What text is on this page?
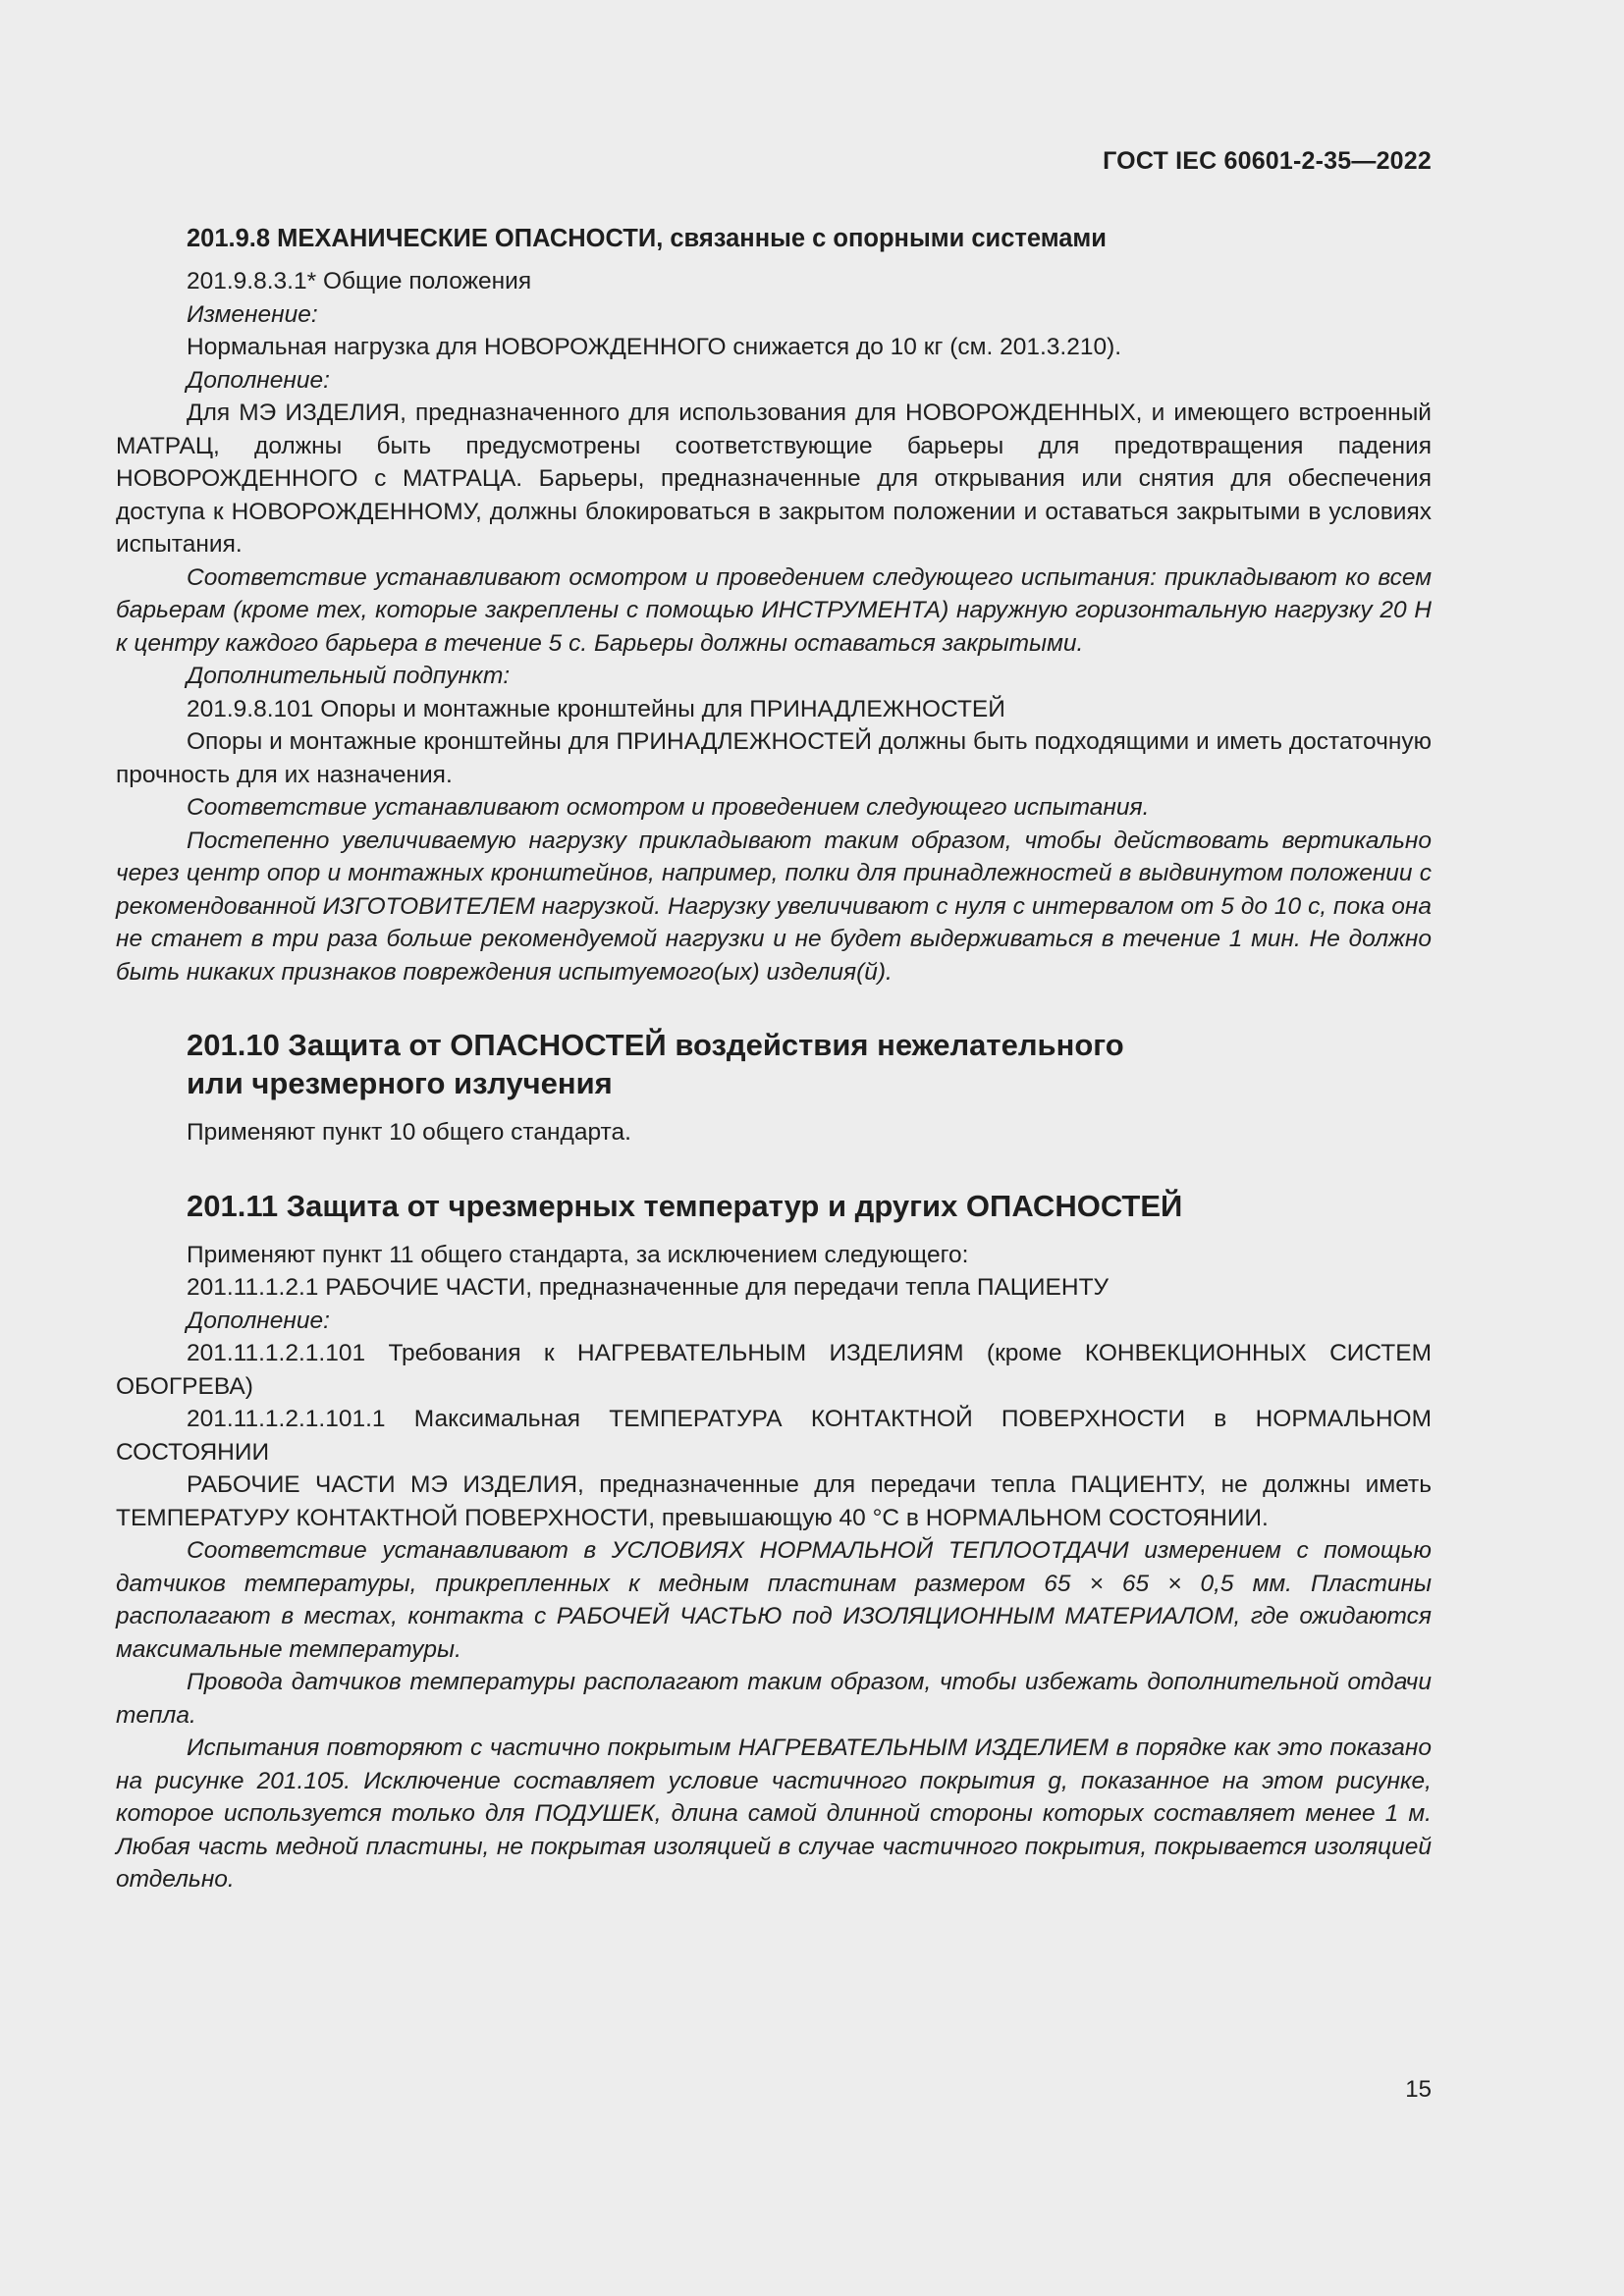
ГОСТ IEC 60601-2-35—2022
201.9.8 МЕХАНИЧЕСКИЕ ОПАСНОСТИ, связанные с опорными системами

201.9.8.3.1* Общие положения

Изменение:

Нормальная нагрузка для НОВОРОЖДЕННОГО снижается до 10 кг (см. 201.3.210).

Дополнение:

Для МЭ ИЗДЕЛИЯ, предназначенного для использования для НОВОРОЖДЕННЫХ, и имеющего встроенный МАТРАЦ, должны быть предусмотрены соответствующие барьеры для предотвращения падения НОВОРОЖДЕННОГО с МАТРАЦА. Барьеры, предназначенные для открывания или снятия для обеспечения доступа к НОВОРОЖДЕННОМУ, должны блокироваться в закрытом положении и оставаться закрытыми в условиях испытания.

Соответствие устанавливают осмотром и проведением следующего испытания: прикладывают ко всем барьерам (кроме тех, которые закреплены с помощью ИНСТРУМЕНТА) наружную горизонтальную нагрузку 20 Н к центру каждого барьера в течение 5 с. Барьеры должны оставаться закрытыми.

Дополнительный подпункт:

201.9.8.101 Опоры и монтажные кронштейны для ПРИНАДЛЕЖНОСТЕЙ

Опоры и монтажные кронштейны для ПРИНАДЛЕЖНОСТЕЙ должны быть подходящими и иметь достаточную прочность для их назначения.

Соответствие устанавливают осмотром и проведением следующего испытания.

Постепенно увеличиваемую нагрузку прикладывают таким образом, чтобы действовать вертикально через центр опор и монтажных кронштейнов, например, полки для принадлежностей в выдвинутом положении с рекомендованной ИЗГОТОВИТЕЛЕМ нагрузкой. Нагрузку увеличивают с нуля с интервалом от 5 до 10 с, пока она не станет в три раза больше рекомендуемой нагрузки и не будет выдерживаться в течение 1 мин. Не должно быть никаких признаков повреждения испытуемого(ых) изделия(й).

201.10 Защита от ОПАСНОСТЕЙ воздействия нежелательного
или чрезмерного излучения

Применяют пункт 10 общего стандарта.

201.11 Защита от чрезмерных температур и других ОПАСНОСТЕЙ

Применяют пункт 11 общего стандарта, за исключением следующего:

201.11.1.2.1 РАБОЧИЕ ЧАСТИ, предназначенные для передачи тепла ПАЦИЕНТУ

Дополнение:

201.11.1.2.1.101 Требования к НАГРЕВАТЕЛЬНЫМ ИЗДЕЛИЯМ (кроме КОНВЕКЦИОННЫХ СИСТЕМ ОБОГРЕВА)

201.11.1.2.1.101.1 Максимальная ТЕМПЕРАТУРА КОНТАКТНОЙ ПОВЕРХНОСТИ в НОРМАЛЬНОМ СОСТОЯНИИ

РАБОЧИЕ ЧАСТИ МЭ ИЗДЕЛИЯ, предназначенные для передачи тепла ПАЦИЕНТУ, не должны иметь ТЕМПЕРАТУРУ КОНТАКТНОЙ ПОВЕРХНОСТИ, превышающую 40 °С в НОРМАЛЬНОМ СОСТОЯНИИ.

Соответствие устанавливают в УСЛОВИЯХ НОРМАЛЬНОЙ ТЕПЛООТДАЧИ измерением с помощью датчиков температуры, прикрепленных к медным пластинам размером 65 × 65 × 0,5 мм. Пластины располагают в местах, контакта с РАБОЧЕЙ ЧАСТЬЮ под ИЗОЛЯЦИОННЫМ МАТЕРИАЛОМ, где ожидаются максимальные температуры.

Провода датчиков температуры располагают таким образом, чтобы избежать дополнительной отдачи тепла.

Испытания повторяют с частично покрытым НАГРЕВАТЕЛЬНЫМ ИЗДЕЛИЕМ в порядке как это показано на рисунке 201.105. Исключение составляет условие частичного покрытия g, показанное на этом рисунке, которое используется только для ПОДУШЕК, длина самой длинной стороны которых составляет менее 1 м. Любая часть медной пластины, не покрытая изоляцией в случае частичного покрытия, покрывается изоляцией отдельно.

15
